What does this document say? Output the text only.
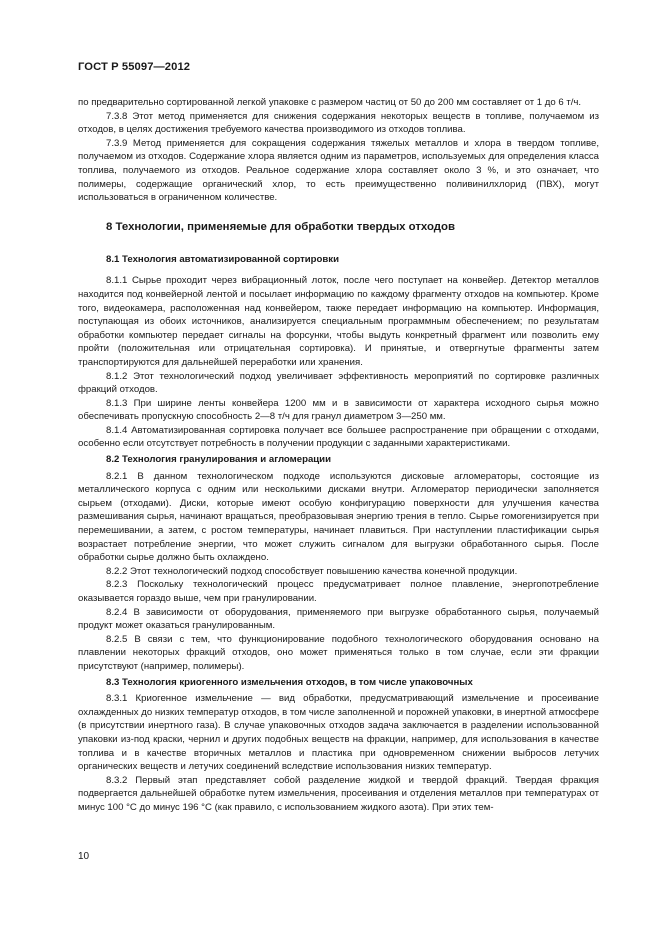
ГОСТ Р 55097—2012

по предварительно сортированной легкой упаковке с размером частиц от 50 до 200 мм составляет от 1 до 6 т/ч.

7.3.8 Этот метод применяется для снижения содержания некоторых веществ в топливе, получаемом из отходов, в целях достижения требуемого качества производимого из отходов топлива.

7.3.9 Метод применяется для сокращения содержания тяжелых металлов и хлора в твердом топливе, получаемом из отходов. Содержание хлора является одним из параметров, используемых для определения класса топлива, получаемого из отходов. Реальное содержание хлора составляет около 3 %, и это означает, что полимеры, содержащие органический хлор, то есть преимущественно поливинилхлорид (ПВХ), могут использоваться в ограниченном количестве.

8 Технологии, применяемые для обработки твердых отходов
8.1 Технология автоматизированной сортировки

8.1.1 Сырье проходит через вибрационный лоток, после чего поступает на конвейер. Детектор металлов находится под конвейерной лентой и посылает информацию по каждому фрагменту отходов на компьютер. Кроме того, видеокамера, расположенная над конвейером, также передает информацию на компьютер. Информация, поступающая из обоих источников, анализируется специальным программным обеспечением; по результатам обработки компьютер передает сигналы на форсунки, чтобы выдуть конкретный фрагмент или позволить ему пройти (положительная или отрицательная сортировка). И принятые, и отвергнутые фрагменты затем транспортируются для дальнейшей переработки или хранения.

8.1.2 Этот технологический подход увеличивает эффективность мероприятий по сортировке различных фракций отходов.

8.1.3 При ширине ленты конвейера 1200 мм и в зависимости от характера исходного сырья можно обеспечивать пропускную способность 2—8 т/ч для гранул диаметром 3—250 мм.

8.1.4 Автоматизированная сортировка получает все большее распространение при обращении с отходами, особенно если отсутствует потребность в получении продукции с заданными характеристиками.

8.2 Технология гранулирования и агломерации

8.2.1 В данном технологическом подходе используются дисковые агломераторы, состоящие из металлического корпуса с одним или несколькими дисками внутри. Агломератор периодически заполняется сырьем (отходами). Диски, которые имеют особую конфигурацию поверхности для улучшения качества размешивания сырья, начинают вращаться, преобразовывая энергию трения в тепло. Сырье гомогенизируется при перемешивании, а затем, с ростом температуры, начинает плавиться. При наступлении пластификации сырья возрастает потребление энергии, что может служить сигналом для выгрузки обработанного сырья. После обработки сырье должно быть охлаждено.

8.2.2 Этот технологический подход способствует повышению качества конечной продукции.

8.2.3 Поскольку технологический процесс предусматривает полное плавление, энергопотребление оказывается гораздо выше, чем при гранулировании.

8.2.4 В зависимости от оборудования, применяемого при выгрузке обработанного сырья, получаемый продукт может оказаться гранулированным.

8.2.5 В связи с тем, что функционирование подобного технологического оборудования основано на плавлении некоторых фракций отходов, оно может применяться только в том случае, если эти фракции присутствуют (например, полимеры).

8.3 Технология криогенного измельчения отходов, в том числе упаковочных

8.3.1 Криогенное измельчение — вид обработки, предусматривающий измельчение и просеивание охлажденных до низких температур отходов, в том числе заполненной и порожней упаковки, в инертной атмосфере (в присутствии инертного газа). В случае упаковочных отходов задача заключается в разделении использованной упаковки из-под краски, чернил и других подобных веществ на фракции, например, для использования в качестве топлива и в качестве вторичных металлов и пластика при одновременном снижении выбросов летучих органических веществ и летучих соединений вследствие использования низких температур.

8.3.2 Первый этап представляет собой разделение жидкой и твердой фракций. Твердая фракция подвергается дальнейшей обработке путем измельчения, просеивания и отделения металлов при температурах от минус 100 °С до минус 196 °С (как правило, с использованием жидкого азота). При этих тем-

10
